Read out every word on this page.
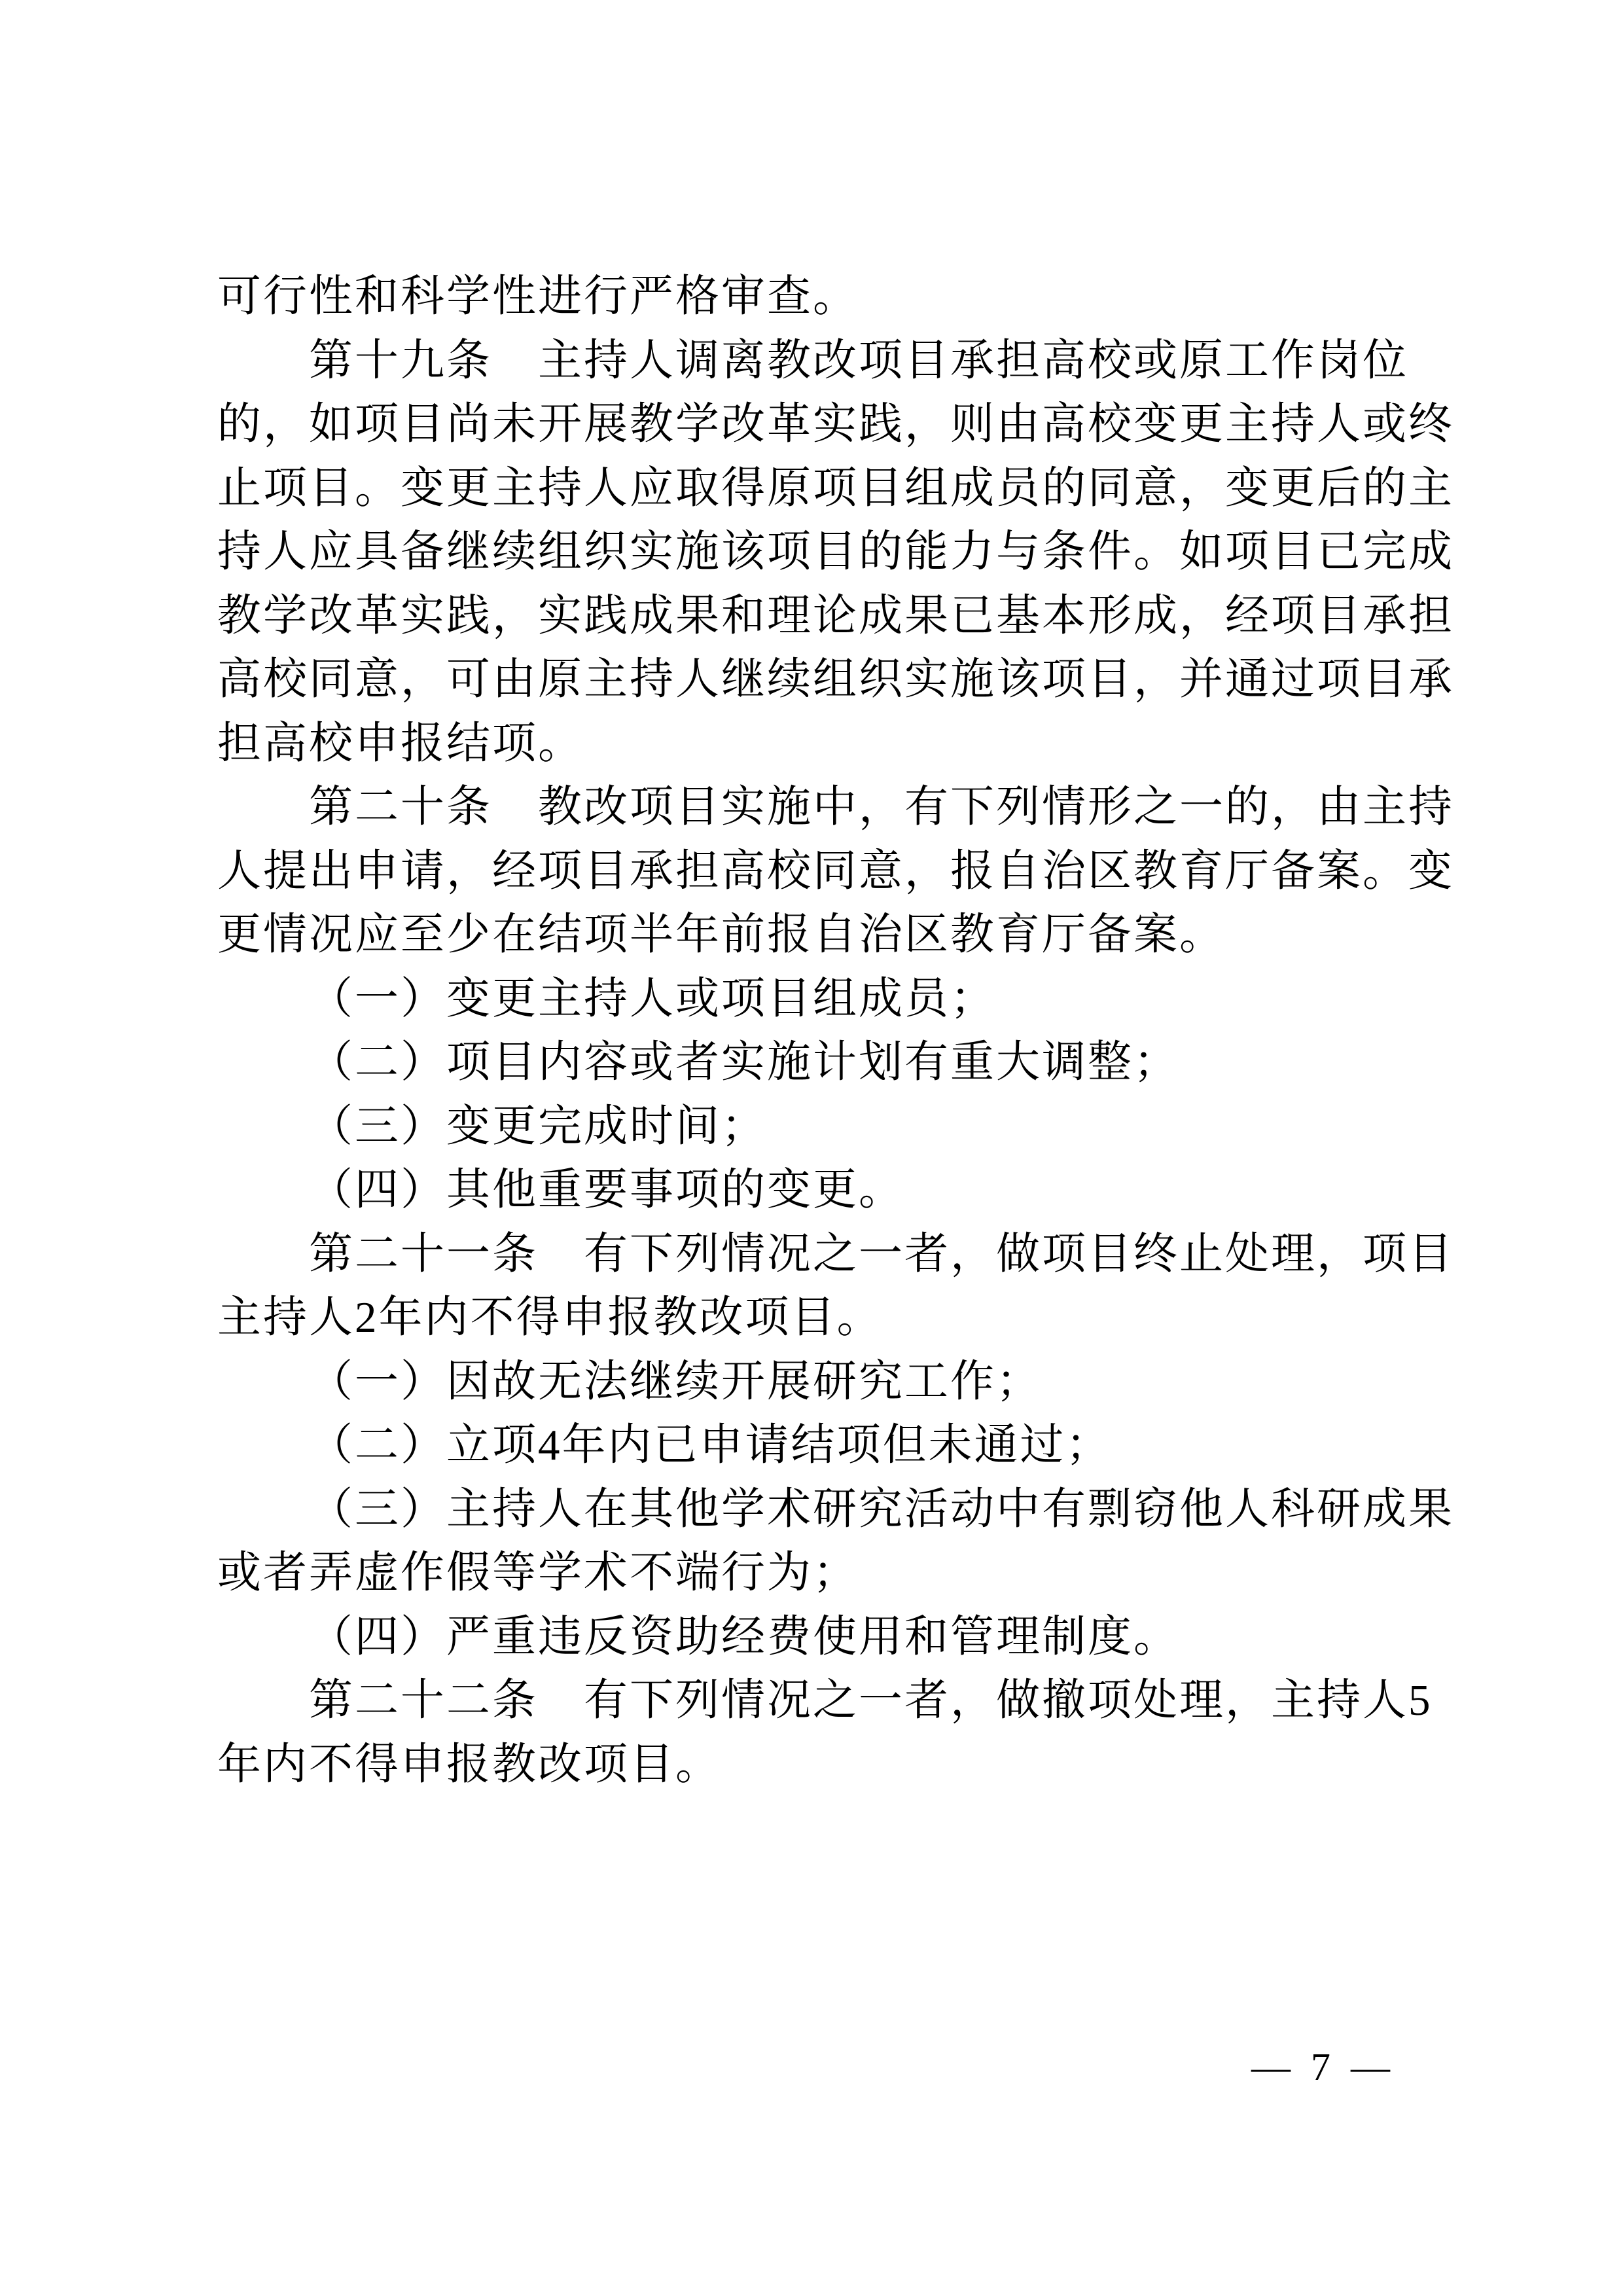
可行性和科学性进行严格审查。
第十九条　主持人调离教改项目承担高校或原工作岗位
的，如项目尚未开展教学改革实践，则由高校变更主持人或终
止项目。变更主持人应取得原项目组成员的同意，变更后的主
持人应具备继续组织实施该项目的能力与条件。如项目已完成
教学改革实践，实践成果和理论成果已基本形成，经项目承担
高校同意，可由原主持人继续组织实施该项目，并通过项目承
担高校申报结项。
第二十条　教改项目实施中，有下列情形之一的，由主持
人提出申请，经项目承担高校同意，报自治区教育厅备案。变
更情况应至少在结项半年前报自治区教育厅备案。
（一）变更主持人或项目组成员；
（二）项目内容或者实施计划有重大调整；
（三）变更完成时间；
（四）其他重要事项的变更。
第二十一条　有下列情况之一者，做项目终止处理，项目
主持人2年内不得申报教改项目。
（一）因故无法继续开展研究工作；
（二）立项4年内已申请结项但未通过；
（三）主持人在其他学术研究活动中有剽窃他人科研成果
或者弄虚作假等学术不端行为；
（四）严重违反资助经费使用和管理制度。
第二十二条　有下列情况之一者，做撤项处理，主持人5
年内不得申报教改项目。
— 7 —
